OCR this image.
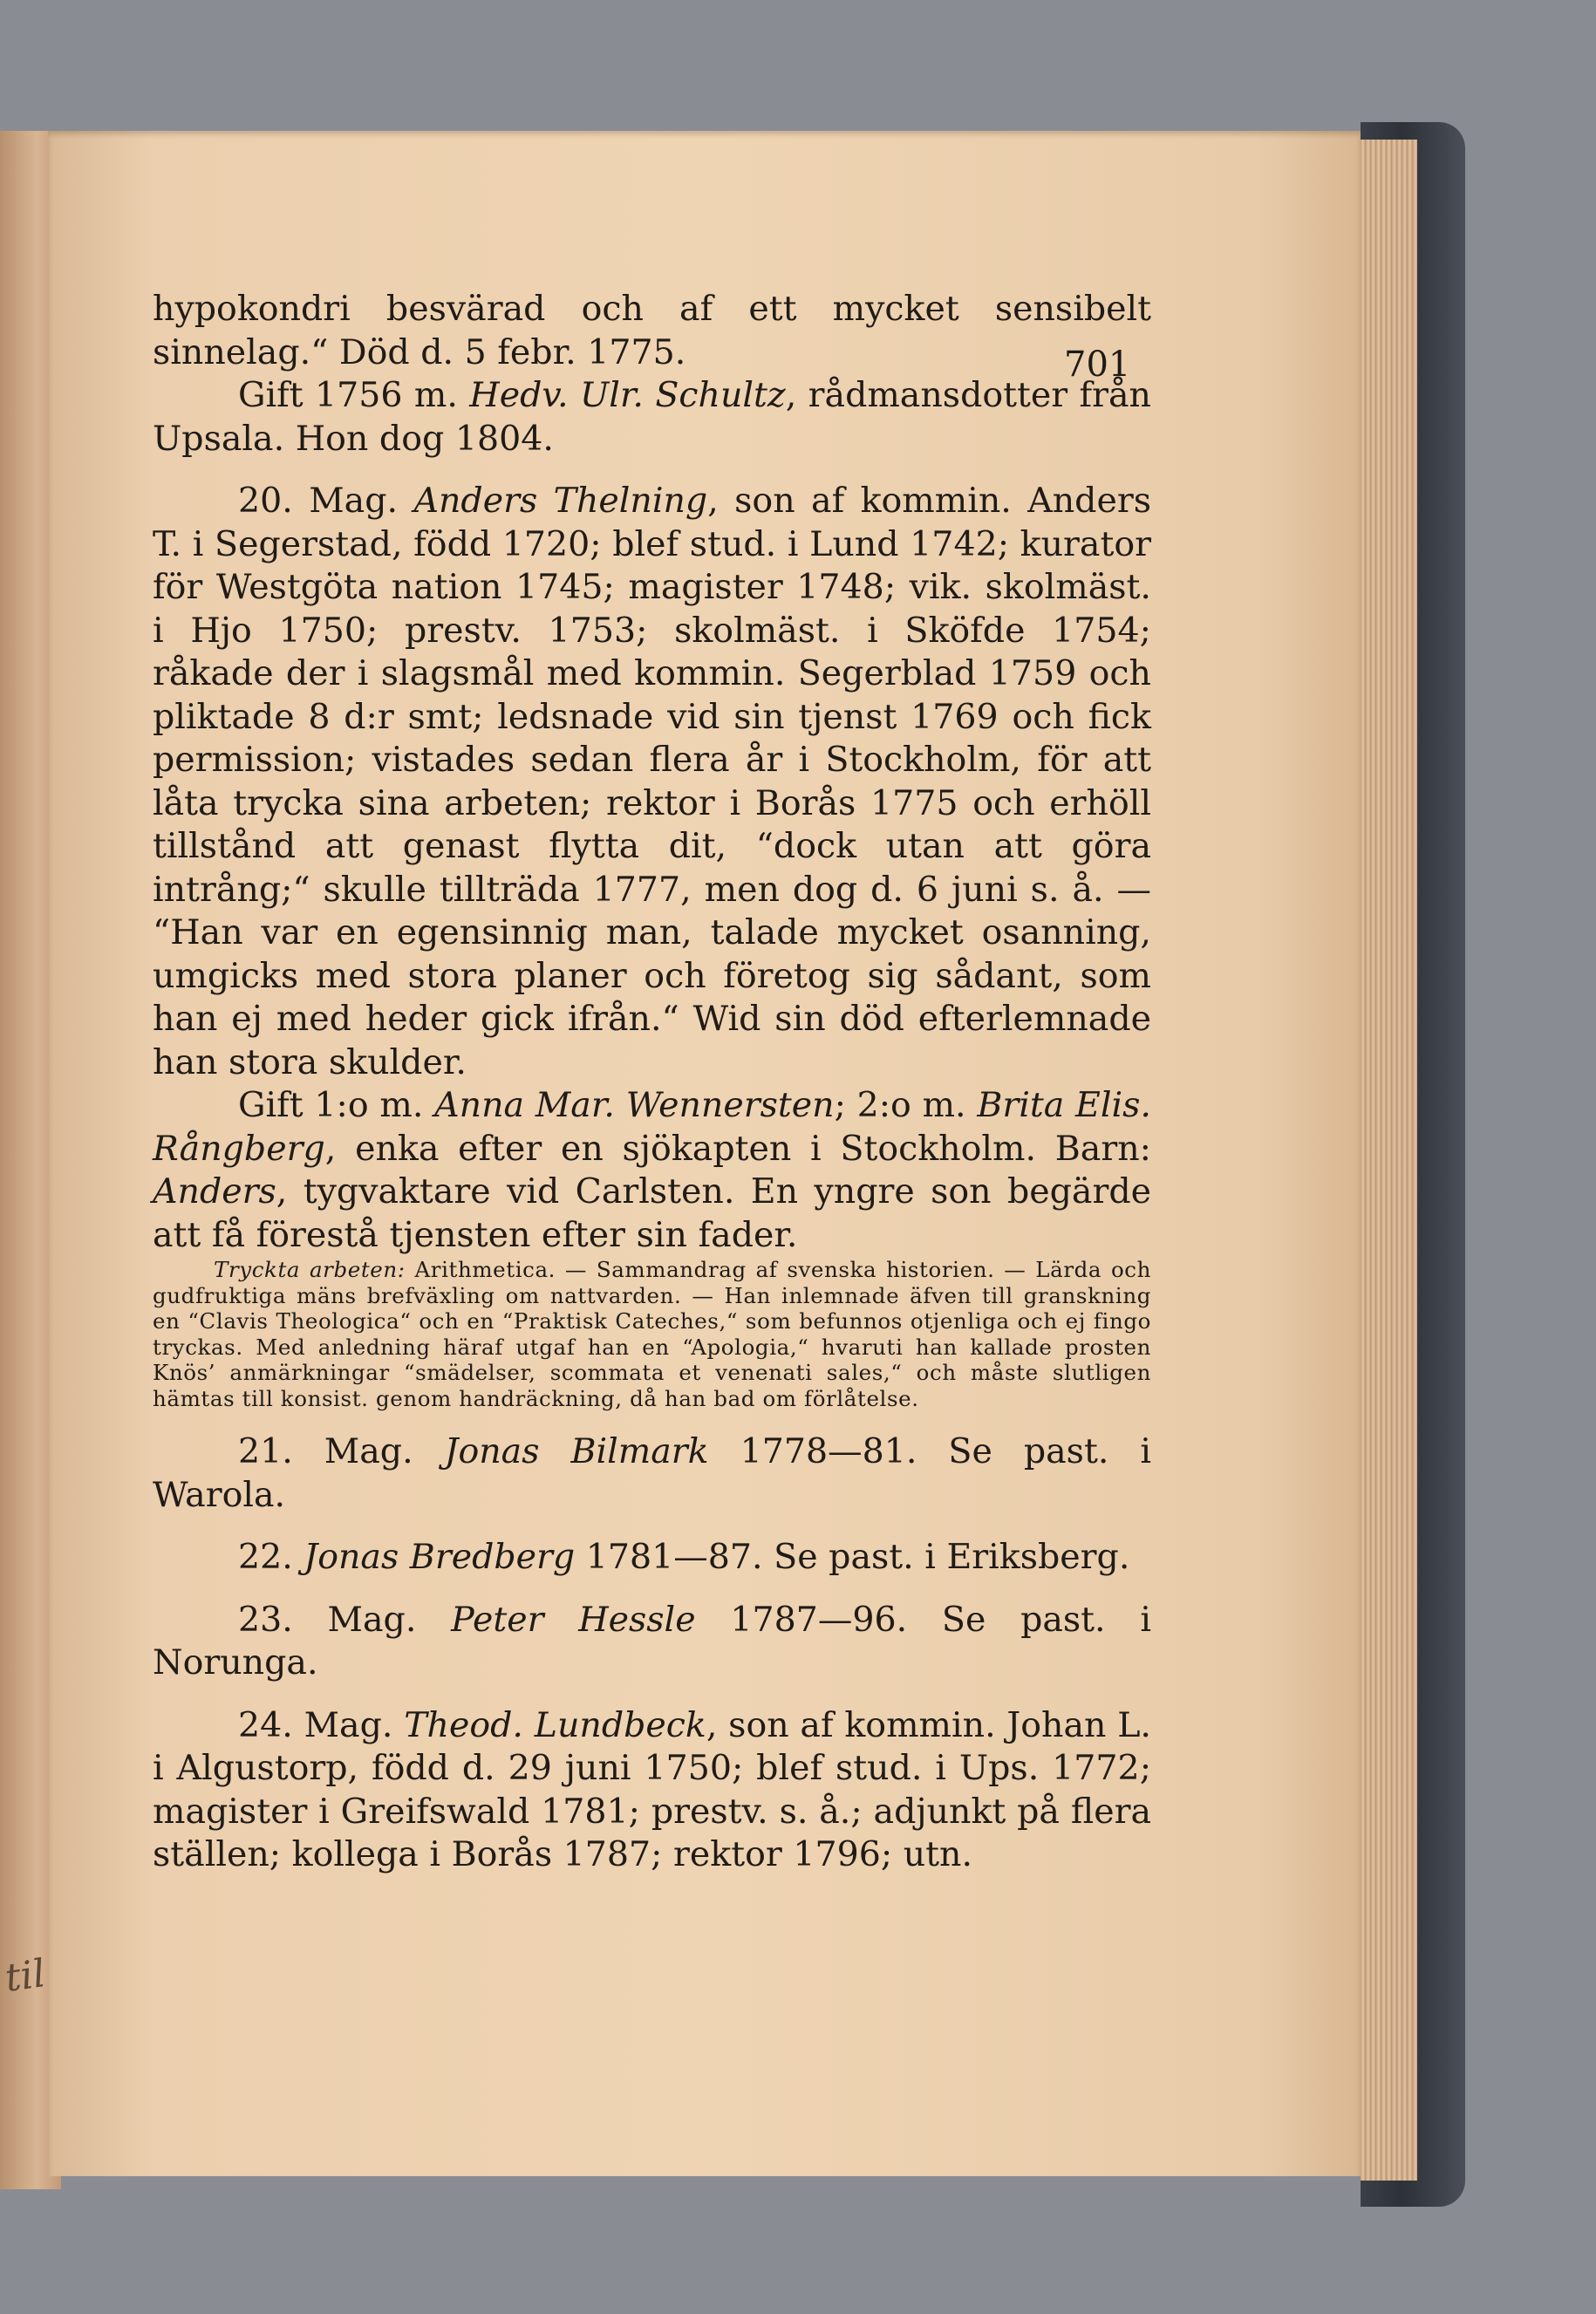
til
701

hypokondri besvärad och af ett mycket sensibelt sinnelag.“ Död d. 5 febr. 1775.

Gift 1756 m. Hedv. Ulr. Schultz, rådmansdotter från Upsala. Hon dog 1804.

20. Mag. Anders Thelning, son af kommin. Anders T. i Segerstad, född 1720; blef stud. i Lund 1742; kurator för Westgöta nation 1745; magister 1748; vik. skolmäst. i Hjo 1750; prestv. 1753; skolmäst. i Sköfde 1754; råkade der i slagsmål med kommin. Segerblad 1759 och pliktade 8 d:r smt; ledsnade vid sin tjenst 1769 och fick permission; vistades sedan flera år i Stockholm, för att låta trycka sina arbeten; rektor i Borås 1775 och erhöll tillstånd att genast flytta dit, “dock utan att göra intrång;“ skulle tillträda 1777, men dog d. 6 juni s. å. — “Han var en egensinnig man, talade mycket osanning, umgicks med stora planer och företog sig sådant, som han ej med heder gick ifrån.“ Wid sin död efterlemnade han stora skulder.

Gift 1:o m. Anna Mar. Wennersten; 2:o m. Brita Elis. Rångberg, enka efter en sjökapten i Stockholm. Barn: Anders, tygvaktare vid Carlsten. En yngre son begärde att få förestå tjensten efter sin fader.

Tryckta arbeten: Arithmetica. — Sammandrag af svenska historien. — Lärda och gudfruktiga mäns brefväxling om nattvarden. — Han inlemnade äfven till granskning en “Clavis Theologica“ och en “Praktisk Cateches,“ som befunnos otjenliga och ej fingo tryckas. Med anledning häraf utgaf han en “Apologia,“ hvaruti han kallade prosten Knös’ anmärkningar “smädelser, scommata et venenati sales,“ och måste slutligen hämtas till konsist. genom handräckning, då han bad om förlåtelse.

21. Mag. Jonas Bilmark 1778—81. Se past. i Warola.

22. Jonas Bredberg 1781—87. Se past. i Eriksberg.

23. Mag. Peter Hessle 1787—96. Se past. i Norunga.

24. Mag. Theod. Lundbeck, son af kommin. Johan L. i Algustorp, född d. 29 juni 1750; blef stud. i Ups. 1772; magister i Greifswald 1781; prestv. s. å.; adjunkt på flera ställen; kollega i Borås 1787; rektor 1796; utn.
